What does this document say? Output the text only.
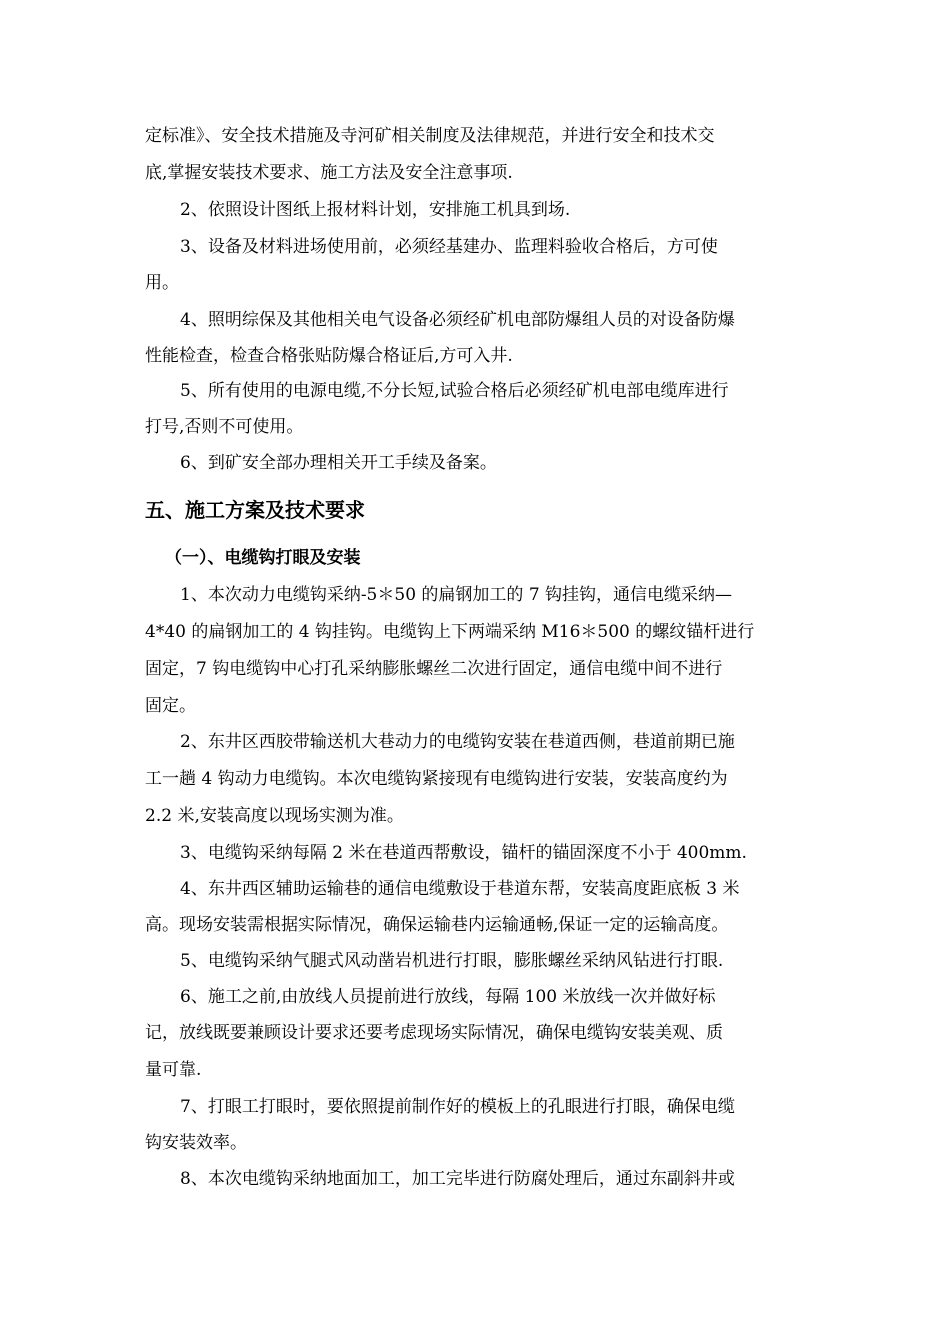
定标准》、安全技术措施及寺河矿相关制度及法律规范，并进行安全和技术交
底,掌握安装技术要求、施工方法及安全注意事项.
2、依照设计图纸上报材料计划，安排施工机具到场.
3、设备及材料进场使用前，必须经基建办、监理料验收合格后，方可使
用。
4、照明综保及其他相关电气设备必须经矿机电部防爆组人员的对设备防爆
性能检查，检查合格张贴防爆合格证后,方可入井.
5、所有使用的电源电缆,不分长短,试验合格后必须经矿机电部电缆库进行
打号,否则不可使用。
6、到矿安全部办理相关开工手续及备案。
五、施工方案及技术要求
（一）、电缆钩打眼及安装
1、本次动力电缆钩采纳-5＊50 的扁钢加工的 7 钩挂钩，通信电缆采纳—
4*40 的扁钢加工的 4 钩挂钩。电缆钩上下两端采纳 M16＊500 的螺纹锚杆进行
固定，7 钩电缆钩中心打孔采纳膨胀螺丝二次进行固定，通信电缆中间不进行
固定。
2、东井区西胶带输送机大巷动力的电缆钩安装在巷道西侧，巷道前期已施
工一趟 4 钩动力电缆钩。本次电缆钩紧接现有电缆钩进行安装，安装高度约为
2.2 米,安装高度以现场实测为准。
3、电缆钩采纳每隔 2 米在巷道西帮敷设，锚杆的锚固深度不小于 400mm.
4、东井西区辅助运输巷的通信电缆敷设于巷道东帮，安装高度距底板 3 米
高。现场安装需根据实际情况，确保运输巷内运输通畅,保证一定的运输高度。
5、电缆钩采纳气腿式风动凿岩机进行打眼，膨胀螺丝采纳风钻进行打眼.
6、施工之前,由放线人员提前进行放线，每隔 100 米放线一次并做好标
记，放线既要兼顾设计要求还要考虑现场实际情况，确保电缆钩安装美观、质
量可靠.
7、打眼工打眼时，要依照提前制作好的模板上的孔眼进行打眼，确保电缆
钩安装效率。
8、本次电缆钩采纳地面加工，加工完毕进行防腐处理后，通过东副斜井或
